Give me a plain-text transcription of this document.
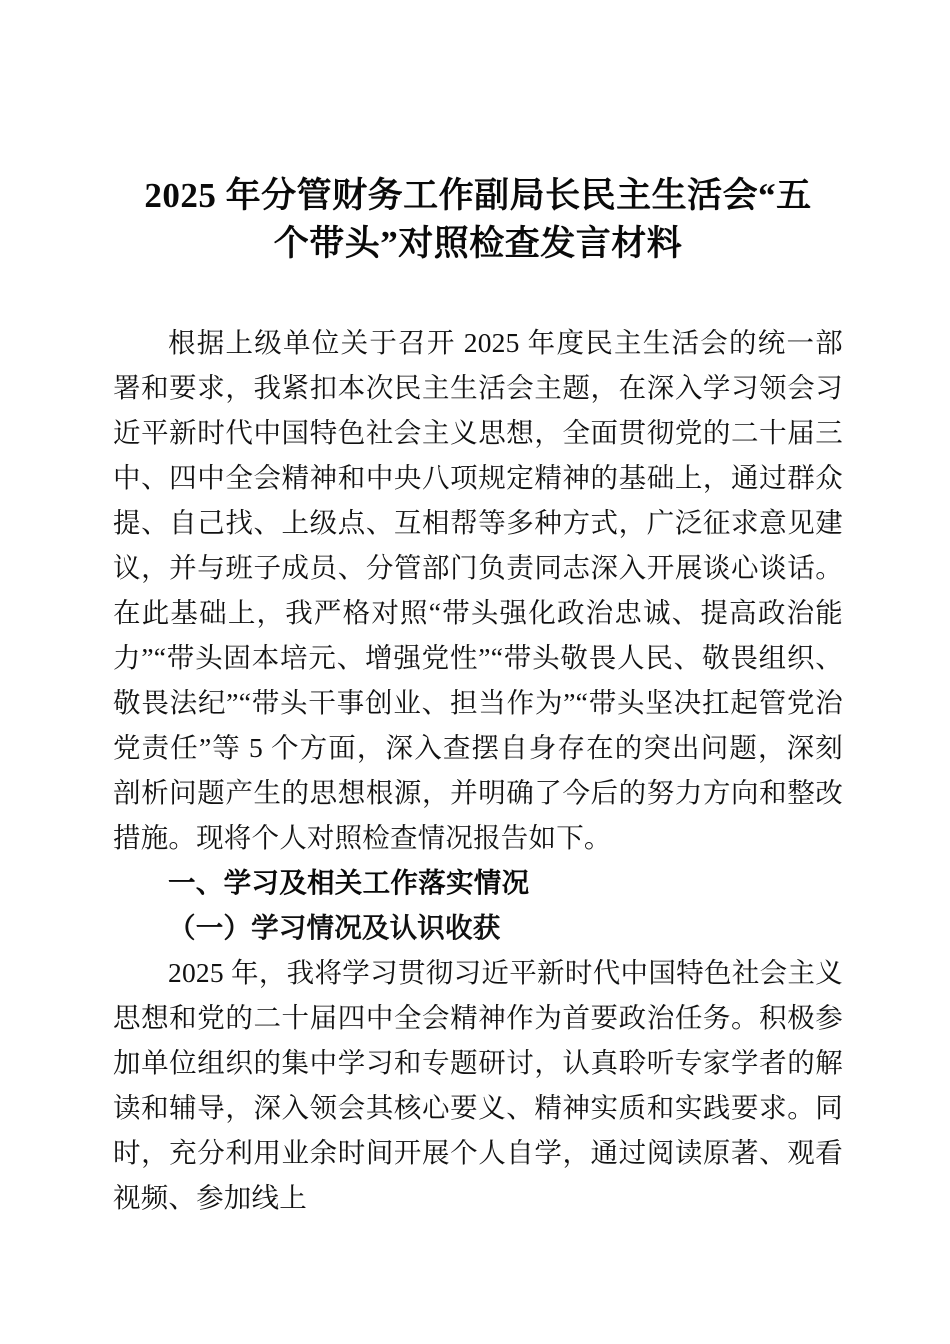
2025 年分管财务工作副局长民主生活会“五
个带头”对照检查发言材料

根据上级单位关于召开 2025 年度民主生活会的统一部署和要求，我紧扣本次民主生活会主题，在深入学习领会习近平新时代中国特色社会主义思想，全面贯彻党的二十届三中、四中全会精神和中央八项规定精神的基础上，通过群众提、自己找、上级点、互相帮等多种方式，广泛征求意见建议，并与班子成员、分管部门负责同志深入开展谈心谈话。在此基础上，我严格对照“带头强化政治忠诚、提高政治能力”“带头固本培元、增强党性”“带头敬畏人民、敬畏组织、敬畏法纪”“带头干事创业、担当作为”“带头坚决扛起管党治党责任”等 5 个方面，深入查摆自身存在的突出问题，深刻剖析问题产生的思想根源，并明确了今后的努力方向和整改措施。现将个人对照检查情况报告如下。

一、学习及相关工作落实情况
（一）学习情况及认识收获

2025 年，我将学习贯彻习近平新时代中国特色社会主义思想和党的二十届四中全会精神作为首要政治任务。积极参加单位组织的集中学习和专题研讨，认真聆听专家学者的解读和辅导，深入领会其核心要义、精神实质和实践要求。同时，充分利用业余时间开展个人自学，通过阅读原著、观看视频、参加线上
